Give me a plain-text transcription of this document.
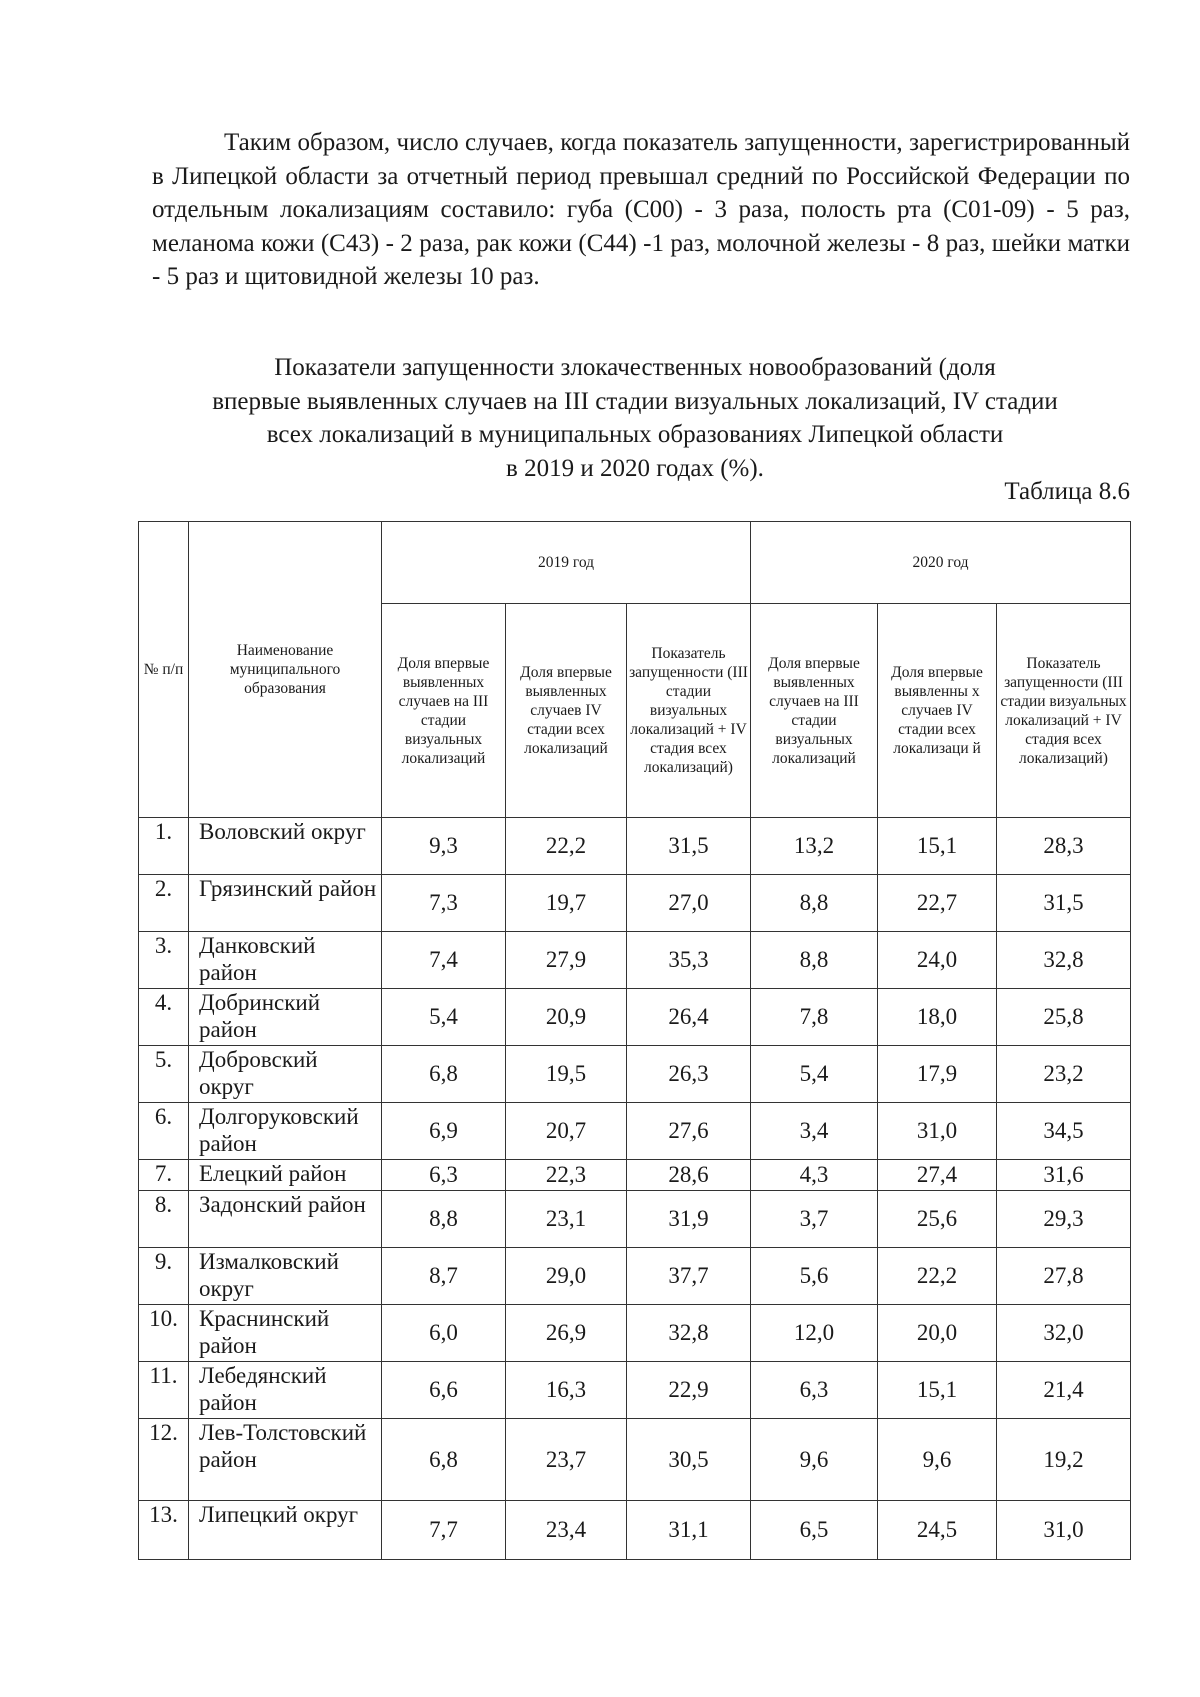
Таким образом, число случаев, когда показатель запущенности, зарегистрированный в Липецкой области за отчетный период превышал средний по Российской Федерации по отдельным локализациям составило: губа (С00) - 3 раза, полость рта (С01-09) - 5 раз, меланома кожи (С43) - 2 раза, рак кожи (С44) -1 раз, молочной железы - 8 раз, шейки матки - 5 раз и щитовидной железы 10 раз.

Показатели запущенности злокачественных новообразований (доля
впервые выявленных случаев на III стадии визуальных локализаций, IV стадии
всех локализаций в муниципальных образованиях Липецкой области
в 2019 и 2020 годах (%).

Таблица 8.6

№ п/п	Наименование муниципального образования	2019 год			2020 год		
		Доля впервые выявленных случаев на III стадии визуальных локализаций	Доля впервые выявленных случаев IV стадии всех локализаций	Показатель запущенности (III стадии визуальных локализаций + IV стадия всех локализаций)	Доля впервые выявленных случаев на III стадии визуальных локализаций	Доля впервые выявленны х случаев IV стадии всех локализаци й	Показатель запущенности (III стадии визуальных локализаций + IV стадия всех локализаций)
1.	Воловский округ	9,3	22,2	31,5	13,2	15,1	28,3
2.	Грязинский район	7,3	19,7	27,0	8,8	22,7	31,5
3.	Данковский район	7,4	27,9	35,3	8,8	24,0	32,8
4.	Добринский район	5,4	20,9	26,4	7,8	18,0	25,8
5.	Добровский округ	6,8	19,5	26,3	5,4	17,9	23,2
6.	Долгоруковский район	6,9	20,7	27,6	3,4	31,0	34,5
7.	Елецкий район	6,3	22,3	28,6	4,3	27,4	31,6
8.	Задонский район	8,8	23,1	31,9	3,7	25,6	29,3
9.	Измалковский округ	8,7	29,0	37,7	5,6	22,2	27,8
10.	Краснинский район	6,0	26,9	32,8	12,0	20,0	32,0
11.	Лебедянский район	6,6	16,3	22,9	6,3	15,1	21,4
12.	Лев-Толстовский район	6,8	23,7	30,5	9,6	9,6	19,2
13.	Липецкий округ	7,7	23,4	31,1	6,5	24,5	31,0
